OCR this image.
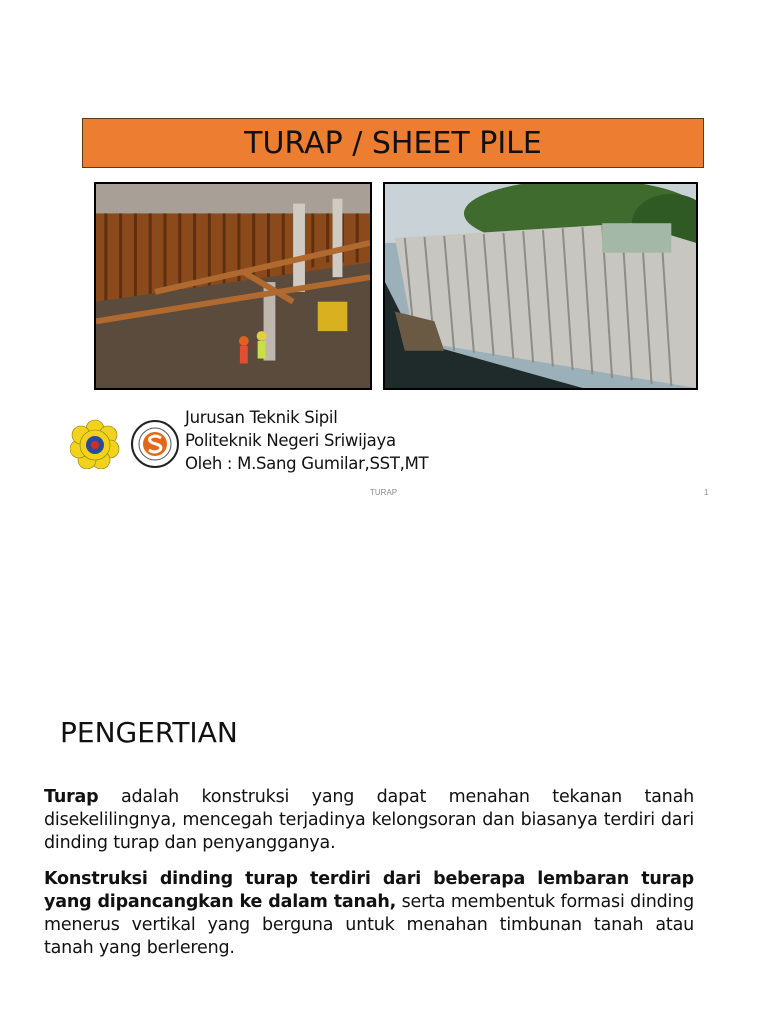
TURAP / SHEET PILE
Jurusan Teknik Sipil
Politeknik Negeri Sriwijaya
Oleh : M.Sang Gumilar,SST,MT
TURAP	1
PENGERTIAN

Turap adalah konstruksi yang dapat menahan tekanan tanah disekelilingnya, mencegah terjadinya kelongsoran dan biasanya terdiri dari dinding turap dan penyangganya.

Konstruksi dinding turap terdiri dari beberapa lembaran turap yang dipancangkan ke dalam tanah, serta membentuk formasi dinding menerus vertikal yang berguna untuk menahan timbunan tanah atau tanah yang berlereng.
